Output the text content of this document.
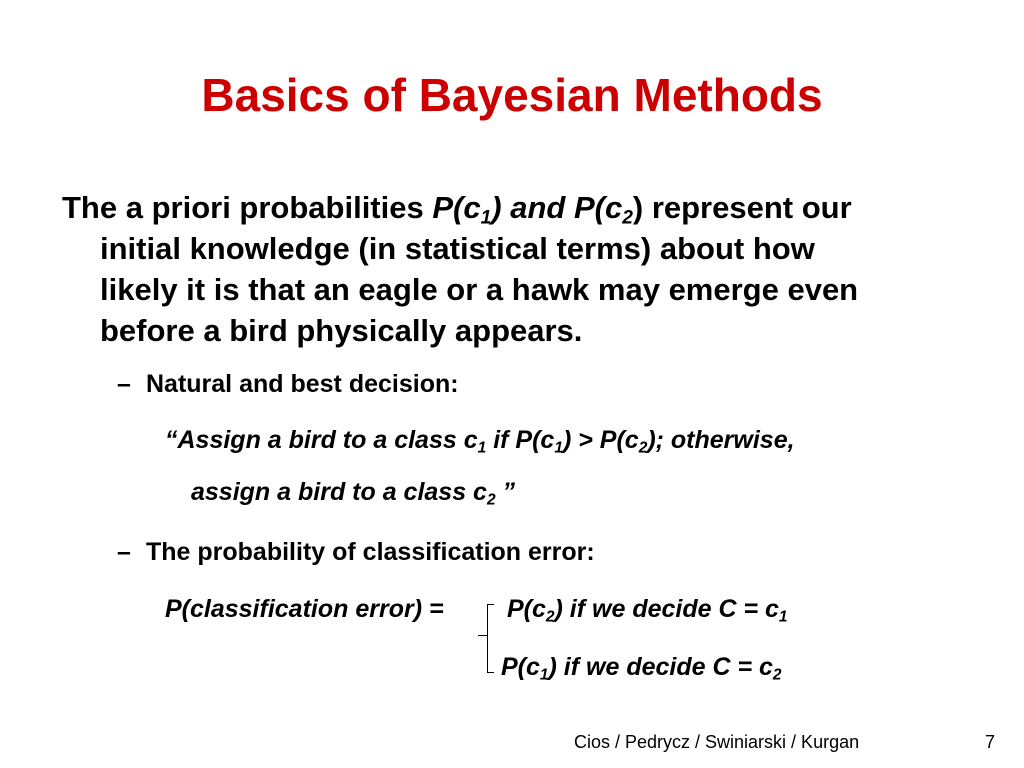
Basics of Bayesian Methods
The a priori probabilities $P(c_1)$ and $P(c_2)$ represent our
initial knowledge (in statistical terms) about how
likely it is that an eagle or a hawk may emerge even
before a bird physically appears.
– Natural and best decision:
“Assign a bird to a class $c_1$ if $P(c_1) > P(c_2)$; otherwise,
assign a bird to a class $c_2$ ”
– The probability of classification error:
P(classification error) =	$P(c_2)$ if we decide $C = c_1$
$P(c_1)$ if we decide $C = c_2$
Cios / Pedrycz / Swiniarski / Kurgan	7
